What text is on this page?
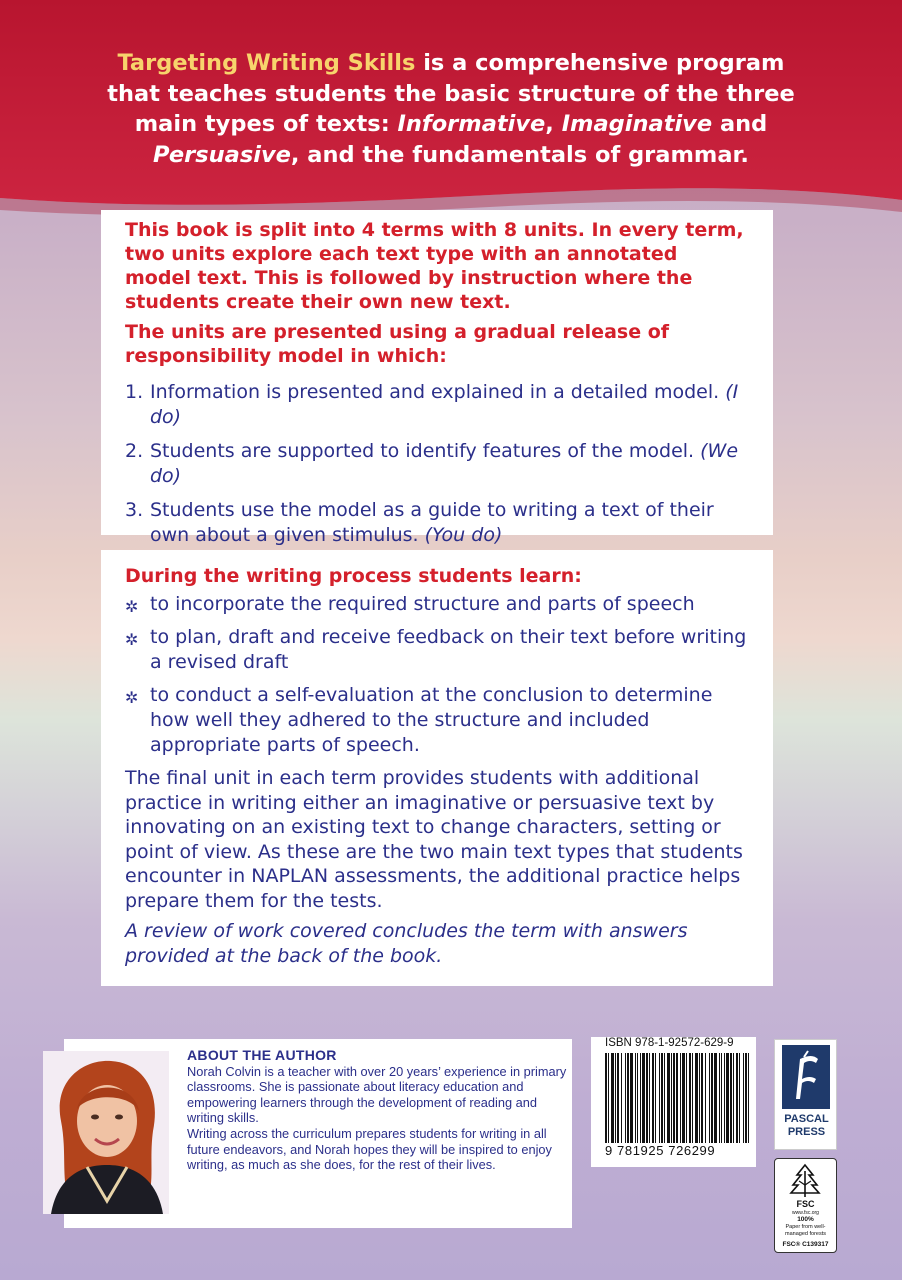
Targeting Writing Skills is a comprehensive program that teaches students the basic structure of the three main types of texts: Informative, Imaginative and Persuasive, and the fundamentals of grammar.

This book is split into 4 terms with 8 units. In every term, two units explore each text type with an annotated model text. This is followed by instruction where the students create their own new text.

The units are presented using a gradual release of responsibility model in which:

1. Information is presented and explained in a detailed model. (I do)
2. Students are supported to identify features of the model. (We do)
3. Students use the model as a guide to writing a text of their own about a given stimulus. (You do)

During the writing process students learn:

✲ to incorporate the required structure and parts of speech
✲ to plan, draft and receive feedback on their text before writing a revised draft
✲ to conduct a self-evaluation at the conclusion to determine how well they adhered to the structure and included appropriate parts of speech.

The final unit in each term provides students with additional practice in writing either an imaginative or persuasive text by innovating on an existing text to change characters, setting or point of view. As these are the two main text types that students encounter in NAPLAN assessments, the additional practice helps prepare them for the tests.

A review of work covered concludes the term with answers provided at the back of the book.

ABOUT THE AUTHOR
Norah Colvin is a teacher with over 20 years’ experience in primary classrooms. She is passionate about literacy education and empowering learners through the development of reading and writing skills.
Writing across the curriculum prepares students for writing in all future endeavors, and Norah hopes they will be inspired to enjoy writing, as much as she does, for the rest of their lives.
ISBN 978-1-92572-629-9
9 781925 726299
PASCAL
PRESS
FSC
www.fsc.org
100%
Paper from well-managed forests
FSC® C139317
